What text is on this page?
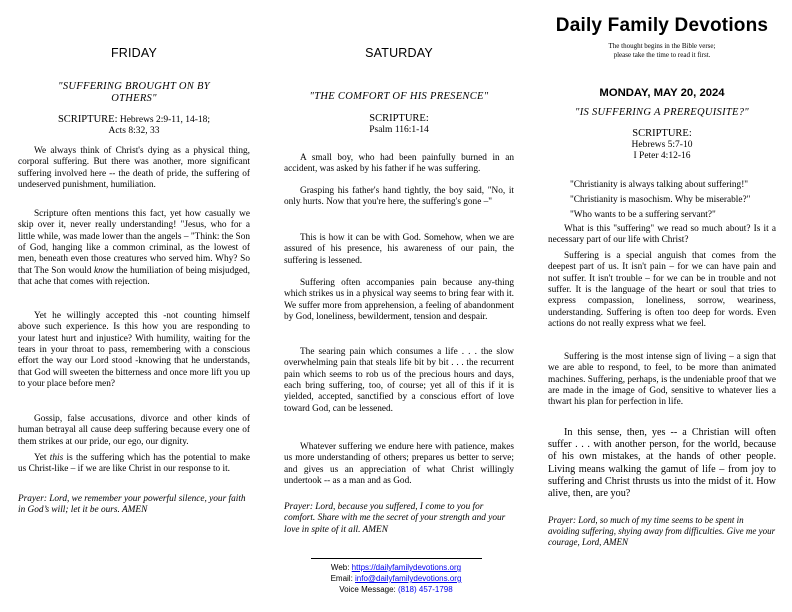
FRIDAY
"SUFFERING BROUGHT ON BY OTHERS"
SCRIPTURE: Hebrews 2:9-11, 14-18;
Acts 8:32, 33

We always think of Christ's dying as a physical thing, corporal suffering. But there was another, more significant suffering involved here -- the death of pride, the suffering of undeserved punishment, humiliation.

Scripture often mentions this fact, yet how casually we skip over it, never really understanding! "Jesus, who for a little while, was made lower than the angels – "Think: the Son of God, hanging like a common criminal, as the lowest of men, beneath even those creatures who served him. Why? So that The Son would know the humiliation of being misjudged, that ache that comes with rejection.

Yet he willingly accepted this -not counting himself above such experience. Is this how you are responding to your latest hurt and injustice? With humility, waiting for the tears in your throat to pass, remembering with a conscious effort the way our Lord stood -knowing that he understands, that God will sweeten the bitterness and once more lift you up to your place before men?

Gossip, false accusations, divorce and other kinds of human betrayal all cause deep suffering because every one of them strikes at our pride, our ego, our dignity.

Yet this is the suffering which has the potential to make us Christ-like – if we are like Christ in our response to it.

Prayer: Lord, we remember your powerful silence, your faith in God’s will; let it be ours. AMEN

SATURDAY
"THE COMFORT OF HIS PRESENCE"
SCRIPTURE:
Psalm 116:1-14

A small boy, who had been painfully burned in an accident, was asked by his father if he was suffering.

Grasping his father's hand tightly, the boy said, "No, it only hurts. Now that you're here, the suffering's gone –"

This is how it can be with God. Somehow, when we are assured of his presence, his awareness of our pain, the suffering is lessened.

Suffering often accompanies pain because any-thing which strikes us in a physical way seems to bring fear with it. We suffer more from apprehension, a feeling of abandonment by God, loneliness, bewilderment, tension and despair.

The searing pain which consumes a life . . . the slow overwhelming pain that steals life bit by bit . . . the recurrent pain which seems to rob us of the precious hours and days, each bring suffering, too, of course; yet all of this if it is yielded, accepted, sanctified by a conscious effort of love toward God, can be lessened.

Whatever suffering we endure here with patience, makes us more understanding of others; prepares us better to serve; and gives us an appreciation of what Christ willingly undertook -- as a man and as God.

Prayer: Lord, because you suffered, I come to you for comfort. Share with me the secret of your strength and your love in spite of it all. AMEN

Daily Family Devotions
The thought begins in the Bible verse;
please take the time to read it first.
MONDAY, MAY 20, 2024
"IS SUFFERING A PREREQUISITE?"
SCRIPTURE:
Hebrews 5:7-10
I Peter 4:12-16
"Christianity is always talking about suffering!"
"Christianity is masochism. Why be miserable?"
"Who wants to be a suffering servant?"

What is this "suffering" we read so much about? Is it a necessary part of our life with Christ?

Suffering is a special anguish that comes from the deepest part of us. It isn't pain – for we can have pain and not suffer. It isn't trouble – for we can be in trouble and not suffer. It is the language of the heart or soul that tries to express compassion, loneliness, sorrow, weariness, understanding. Suffering is often too deep for words. Even actions do not really express what we feel.

Suffering is the most intense sign of living – a sign that we are able to respond, to feel, to be more than animated machines. Suffering, perhaps, is the undeniable proof that we are made in the image of God, sensitive to whatever lies a thwart his plan for perfection in life.

In this sense, then, yes -- a Christian will often suffer . . . with another person, for the world, because of his own mistakes, at the hands of other people. Living means walking the gamut of life – from joy to suffering and Christ thrusts us into the midst of it. How alive, then, are you?

Prayer: Lord, so much of my time seems to be spent in avoiding suffering, shying away from difficulties. Give me your courage, Lord, AMEN

Web: https://dailyfamilydevotions.org
Email: info@dailyfamilydevotions.org
Voice Message: (818) 457-1798
